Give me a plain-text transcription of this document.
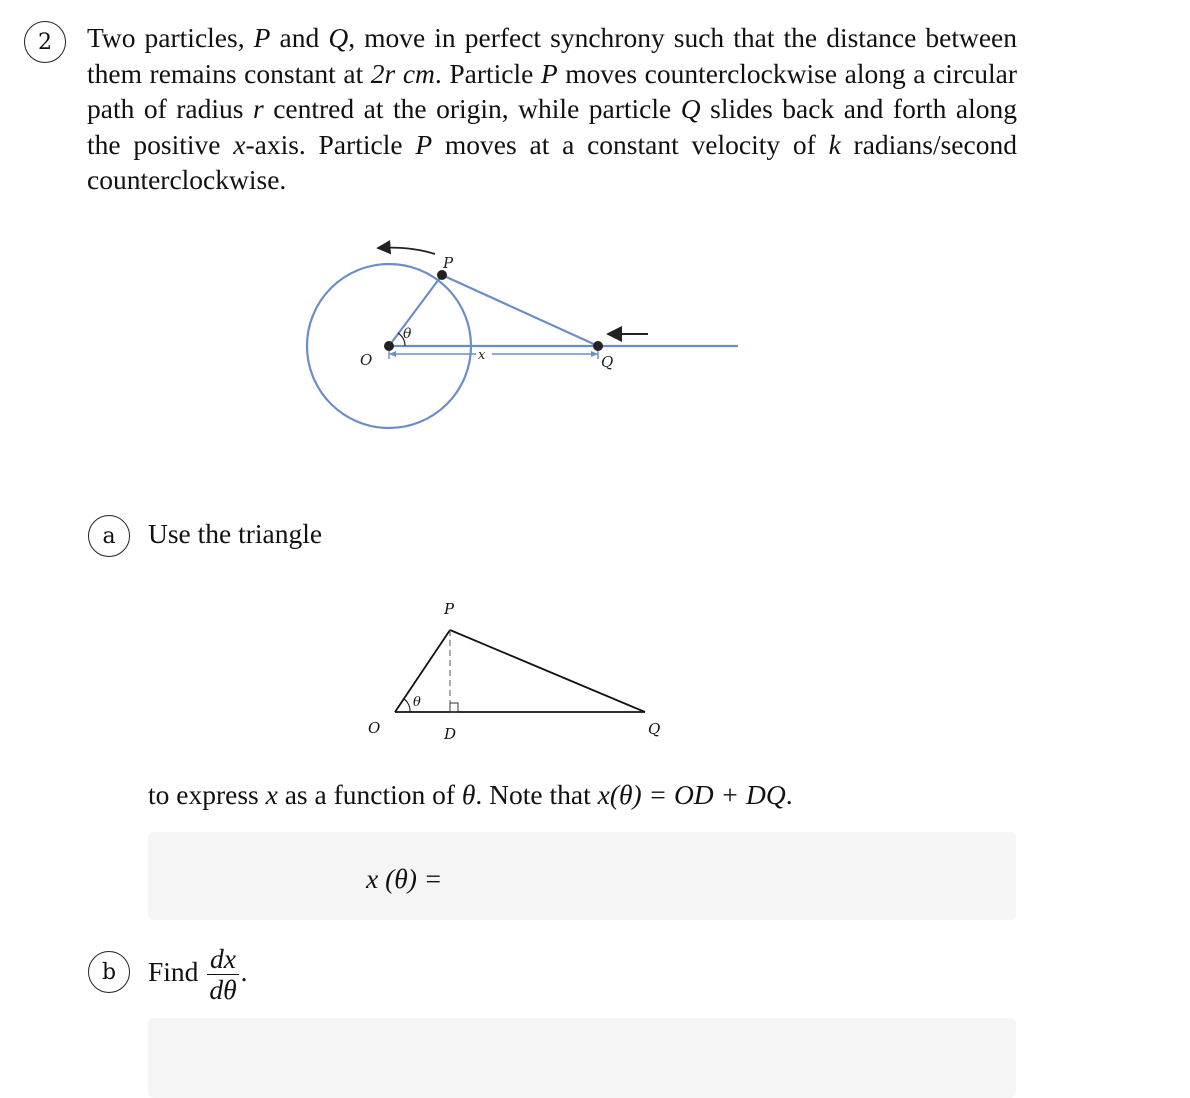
2 Two particles, P and Q, move in perfect synchrony such that the distance between them remains constant at 2r cm. Particle P moves counterclockwise along a circular path of radius r centred at the origin, while particle Q slides back and forth along the positive x-axis. Particle P moves at a constant velocity of k radians/second counterclockwise.
x
θ
P
O	Q
a Use the triangle
θ
P
O	D	Q
to express x as a function of θ. Note that x(θ) = OD + DQ.
x (θ) =
b Find $\frac{dx}{d\theta}$ .
